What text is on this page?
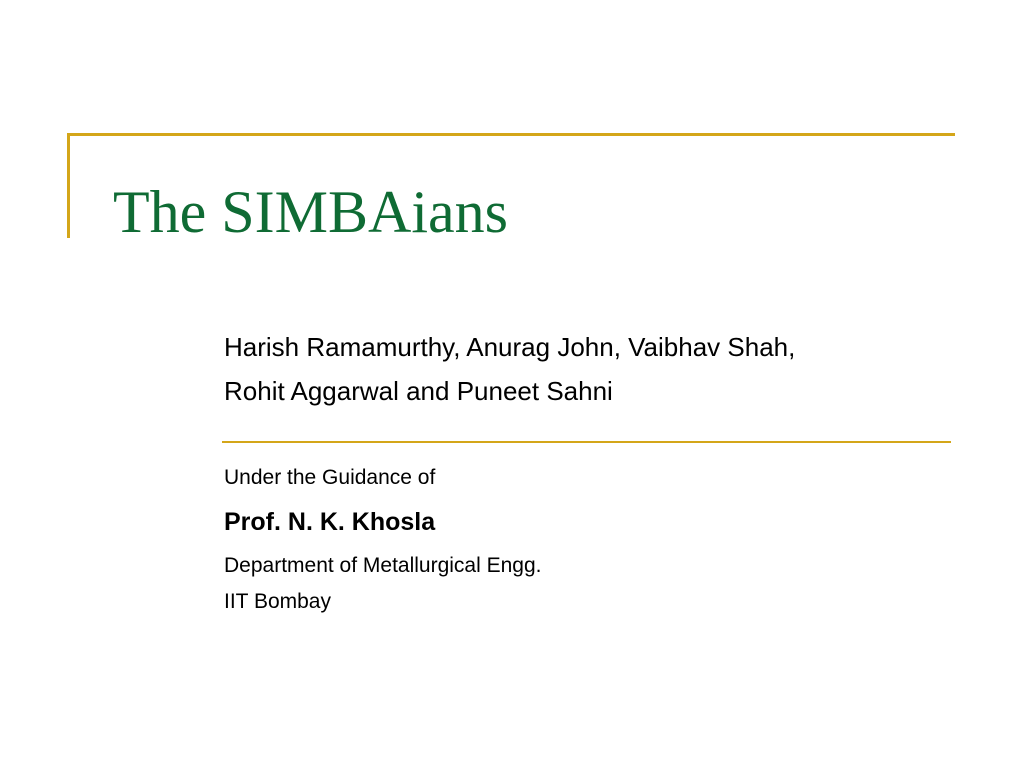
The SIMBAians
Harish Ramamurthy, Anurag John, Vaibhav Shah,
Rohit Aggarwal and Puneet Sahni
Under the Guidance of
Prof. N. K. Khosla
Department of Metallurgical Engg.
IIT Bombay
